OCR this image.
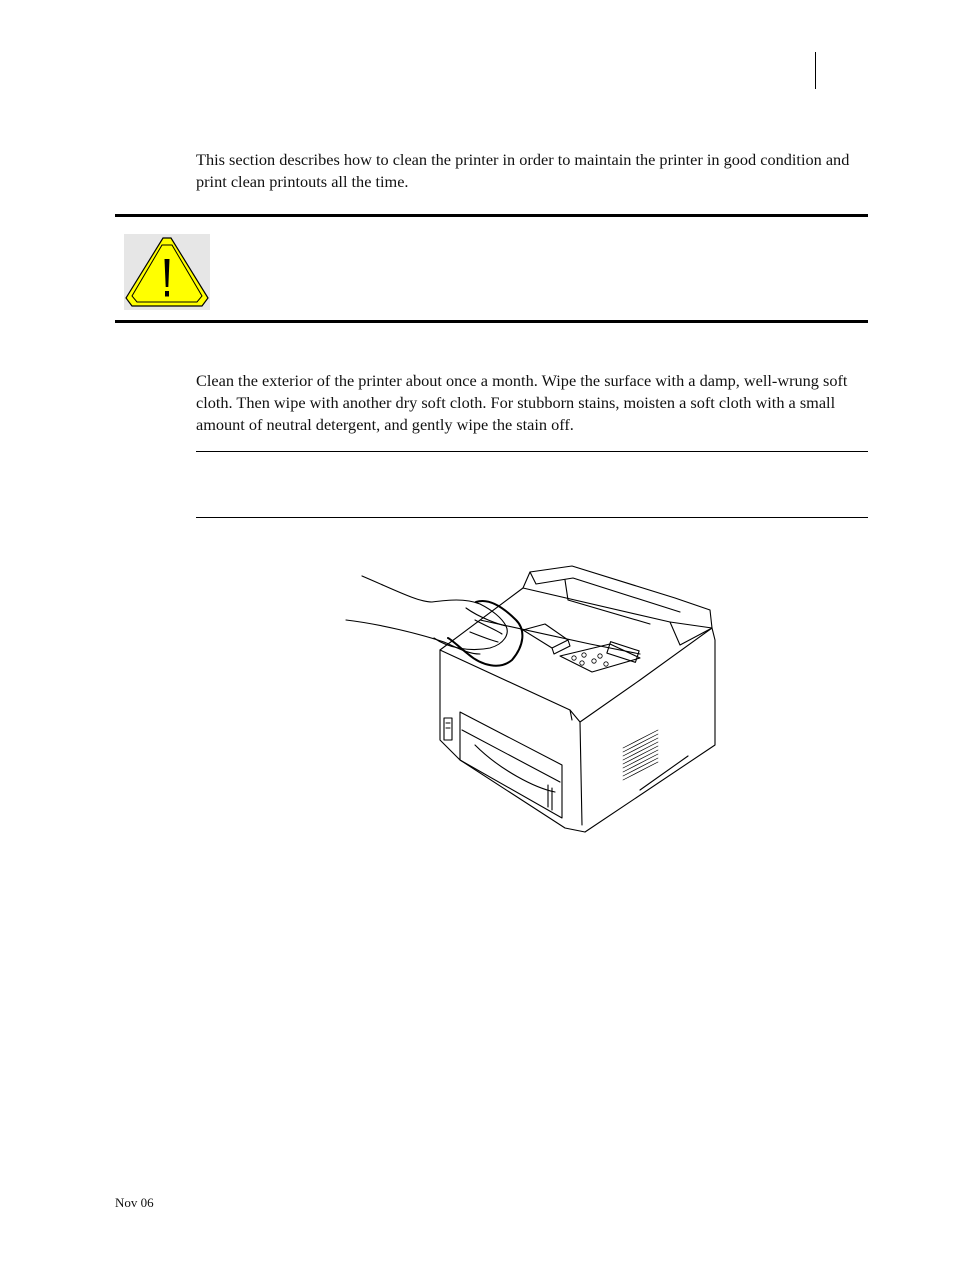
This section describes how to clean the printer in order to maintain the printer in good condition and print clean printouts all the time.

Clean the exterior of the printer about once a month. Wipe the surface with a damp, well-wrung soft cloth. Then wipe with another dry soft cloth. For stubborn stains, moisten a soft cloth with a small amount of neutral detergent, and gently wipe the stain off.

Nov 06
